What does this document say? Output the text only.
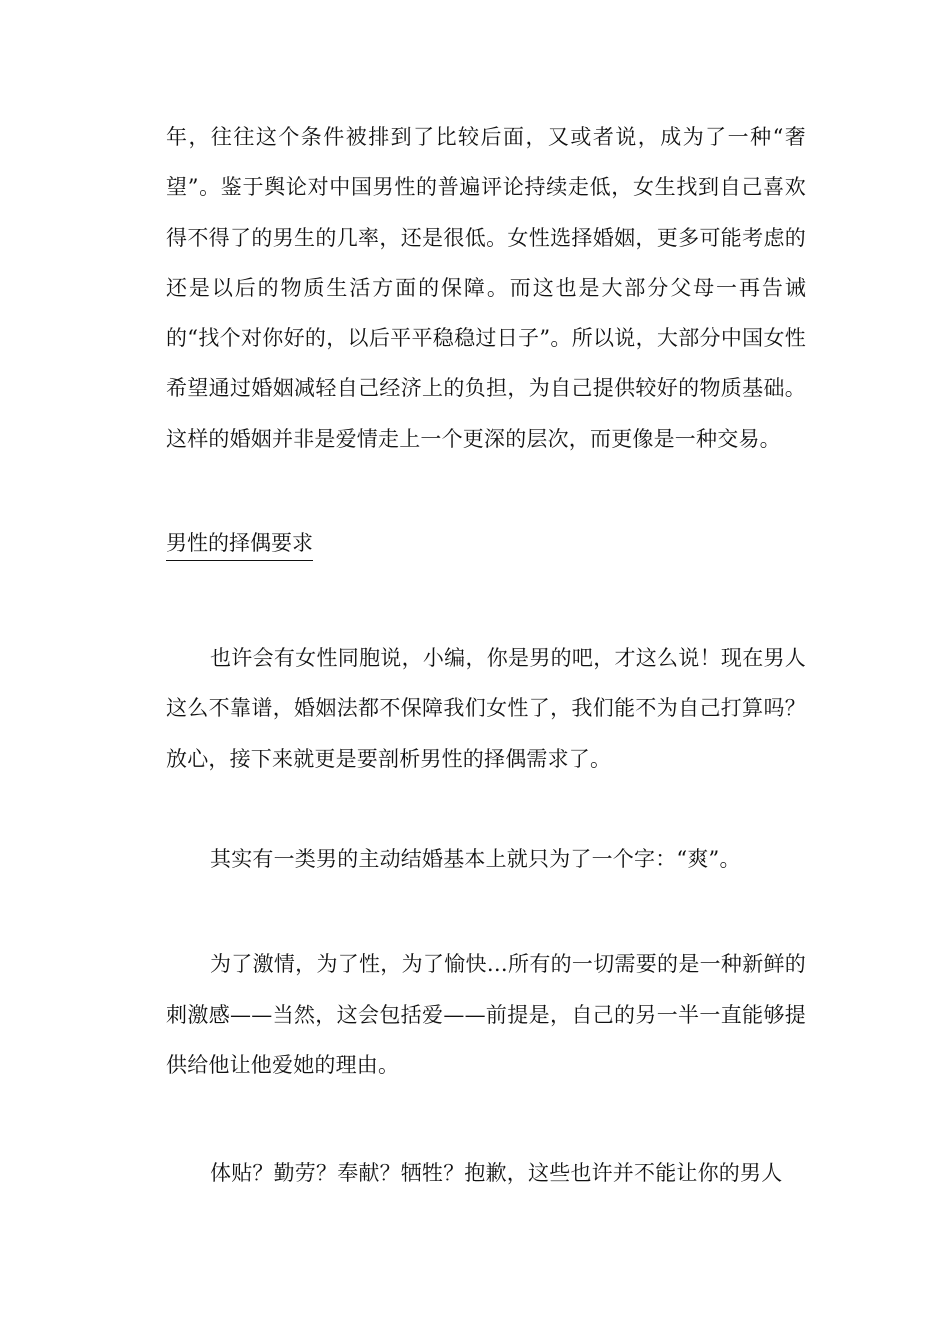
年，往往这个条件被排到了比较后面，又或者说，成为了一种“奢望”。鉴于舆论对中国男性的普遍评论持续走低，女生找到自己喜欢得不得了的男生的几率，还是很低。女性选择婚姻，更多可能考虑的还是以后的物质生活方面的保障。而这也是大部分父母一再告诫的“找个对你好的，以后平平稳稳过日子”。所以说，大部分中国女性希望通过婚姻减轻自己经济上的负担，为自己提供较好的物质基础。这样的婚姻并非是爱情走上一个更深的层次，而更像是一种交易。

男性的择偶要求

也许会有女性同胞说，小编，你是男的吧，才这么说！现在男人这么不靠谱，婚姻法都不保障我们女性了，我们能不为自己打算吗？放心，接下来就更是要剖析男性的择偶需求了。

其实有一类男的主动结婚基本上就只为了一个字：“爽”。

为了激情，为了性，为了愉快…所有的一切需要的是一种新鲜的刺激感——当然，这会包括爱——前提是，自己的另一半一直能够提供给他让他爱她的理由。

体贴？勤劳？奉献？牺牲？抱歉，这些也许并不能让你的男人
